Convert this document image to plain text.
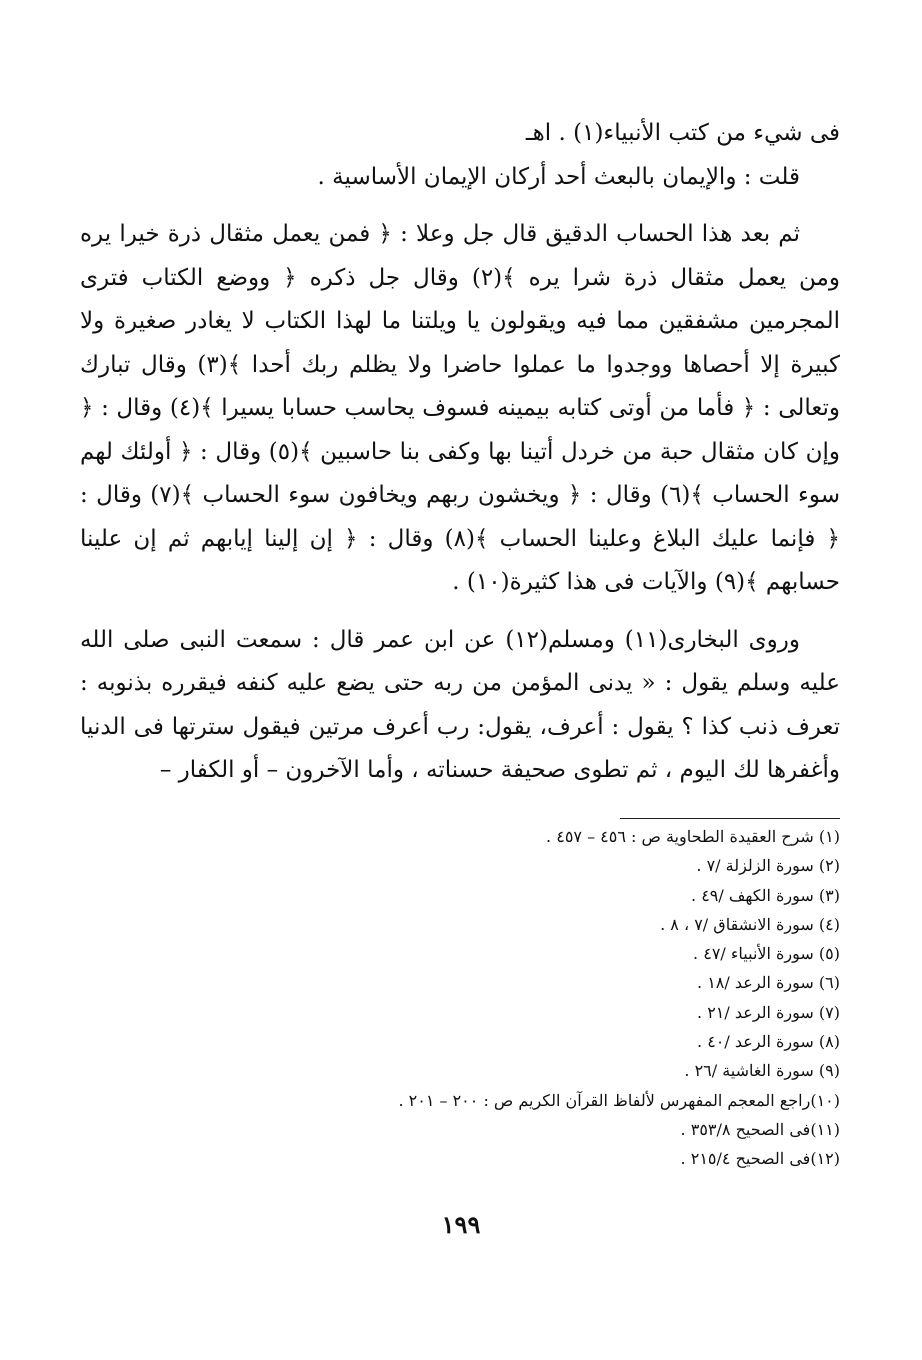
فى شيء من كتب الأنبياء(١) . اهـ

قلت : والإيمان بالبعث أحد أركان الإيمان الأساسية .

ثم بعد هذا الحساب الدقيق قال جل وعلا : ﴿ فمن يعمل مثقال ذرة خيرا يره ومن يعمل مثقال ذرة شرا يره ﴾(٢) وقال جل ذكره ﴿ ووضع الكتاب فترى المجرمين مشفقين مما فيه ويقولون يا ويلتنا ما لهذا الكتاب لا يغادر صغيرة ولا كبيرة إلا أحصاها ووجدوا ما عملوا حاضرا ولا يظلم ربك أحدا ﴾(٣) وقال تبارك وتعالى : ﴿ فأما من أوتى كتابه بيمينه فسوف يحاسب حسابا يسيرا ﴾(٤) وقال : ﴿ وإن كان مثقال حبة من خردل أتينا بها وكفى بنا حاسبين ﴾(٥) وقال : ﴿ أولئك لهم سوء الحساب ﴾(٦) وقال : ﴿ ويخشون ربهم ويخافون سوء الحساب ﴾(٧) وقال : ﴿ فإنما عليك البلاغ وعلينا الحساب ﴾(٨) وقال : ﴿ إن إلينا إيابهم ثم إن علينا حسابهم ﴾(٩) والآيات فى هذا كثيرة(١٠) .

وروى البخارى(١١) ومسلم(١٢) عن ابن عمر قال : سمعت النبى صلى الله عليه وسلم يقول : « يدنى المؤمن من ربه حتى يضع عليه كنفه فيقرره بذنوبه : تعرف ذنب كذا ؟ يقول : أعرف، يقول: رب أعرف مرتين فيقول سترتها فى الدنيا وأغفرها لك اليوم ، ثم تطوى صحيفة حسناته ، وأما الآخرون – أو الكفار –

(١) شرح العقيدة الطحاوية ص : ٤٥٦ – ٤٥٧ .
(٢) سورة الزلزلة /٧ .
(٣) سورة الكهف /٤٩ .
(٤) سورة الانشقاق /٧ ، ٨ .
(٥) سورة الأنبياء /٤٧ .
(٦) سورة الرعد /١٨ .
(٧) سورة الرعد /٢١ .
(٨) سورة الرعد /٤٠ .
(٩) سورة الغاشية /٢٦ .
(١٠)راجع المعجم المفهرس لألفاظ القرآن الكريم ص : ٢٠٠ – ٢٠١ .
(١١)فى الصحيح ٣٥٣/٨ .
(١٢)فى الصحيح ٢١٥/٤ .
١٩٩
